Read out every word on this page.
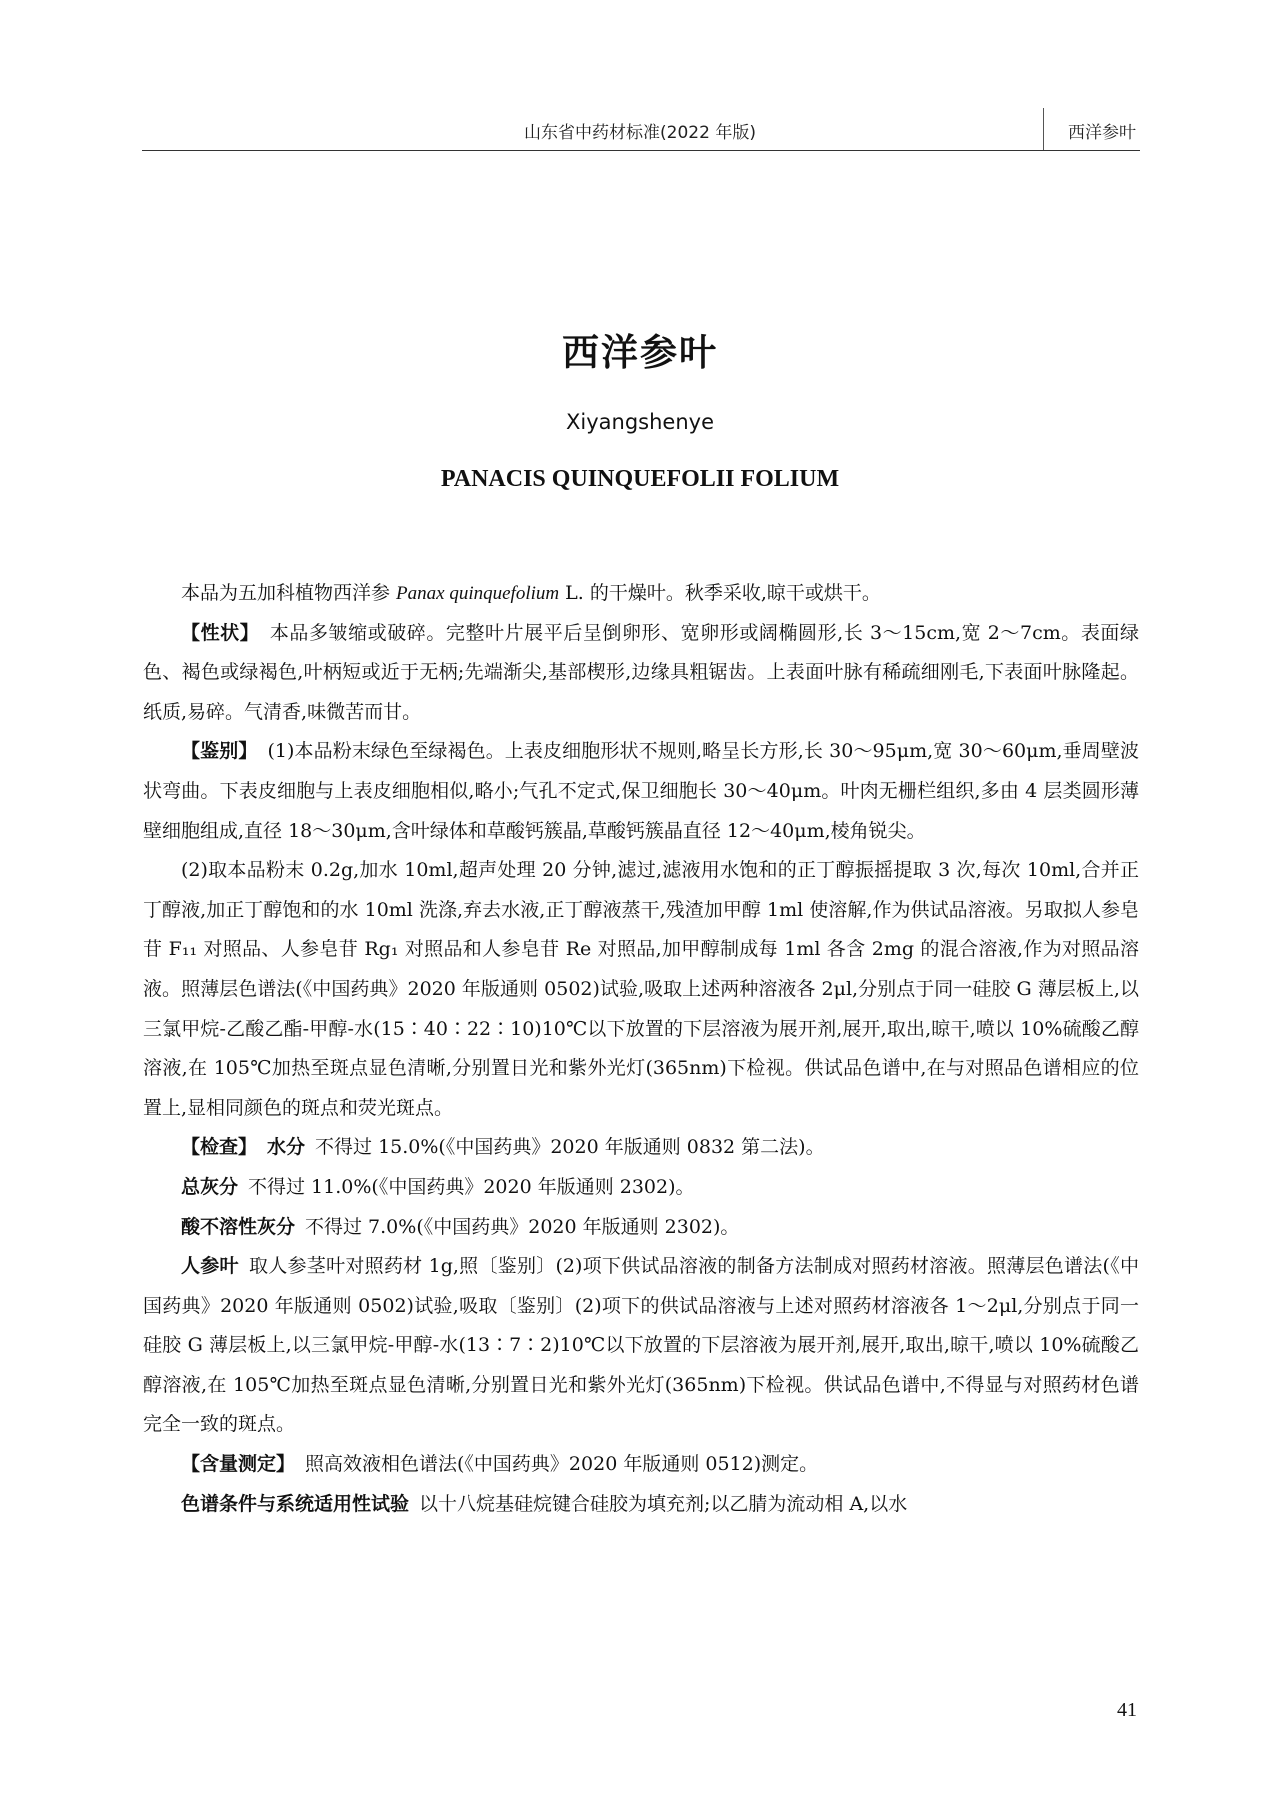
山东省中药材标准(2022 年版)	西洋参叶
西洋参叶
Xiyangshenye
PANACIS QUINQUEFOLII FOLIUM

本品为五加科植物西洋参 Panax quinquefolium L. 的干燥叶。秋季采收,晾干或烘干。

【性状】 本品多皱缩或破碎。完整叶片展平后呈倒卵形、宽卵形或阔椭圆形,长 3～15cm,宽 2～7cm。表面绿色、褐色或绿褐色,叶柄短或近于无柄;先端渐尖,基部楔形,边缘具粗锯齿。上表面叶脉有稀疏细刚毛,下表面叶脉隆起。纸质,易碎。气清香,味微苦而甘。

【鉴别】 (1)本品粉末绿色至绿褐色。上表皮细胞形状不规则,略呈长方形,长 30～95μm,宽 30～60μm,垂周壁波状弯曲。下表皮细胞与上表皮细胞相似,略小;气孔不定式,保卫细胞长 30～40μm。叶肉无栅栏组织,多由 4 层类圆形薄壁细胞组成,直径 18～30μm,含叶绿体和草酸钙簇晶,草酸钙簇晶直径 12～40μm,棱角锐尖。

(2)取本品粉末 0.2g,加水 10ml,超声处理 20 分钟,滤过,滤液用水饱和的正丁醇振摇提取 3 次,每次 10ml,合并正丁醇液,加正丁醇饱和的水 10ml 洗涤,弃去水液,正丁醇液蒸干,残渣加甲醇 1ml 使溶解,作为供试品溶液。另取拟人参皂苷 F₁₁ 对照品、人参皂苷 Rg₁ 对照品和人参皂苷 Re 对照品,加甲醇制成每 1ml 各含 2mg 的混合溶液,作为对照品溶液。照薄层色谱法(《中国药典》2020 年版通则 0502)试验,吸取上述两种溶液各 2μl,分别点于同一硅胶 G 薄层板上,以三氯甲烷-乙酸乙酯-甲醇-水(15∶40∶22∶10)10℃以下放置的下层溶液为展开剂,展开,取出,晾干,喷以 10%硫酸乙醇溶液,在 105℃加热至斑点显色清晰,分别置日光和紫外光灯(365nm)下检视。供试品色谱中,在与对照品色谱相应的位置上,显相同颜色的斑点和荧光斑点。

【检查】 水分 不得过 15.0%(《中国药典》2020 年版通则 0832 第二法)。

总灰分 不得过 11.0%(《中国药典》2020 年版通则 2302)。

酸不溶性灰分 不得过 7.0%(《中国药典》2020 年版通则 2302)。

人参叶 取人参茎叶对照药材 1g,照〔鉴别〕(2)项下供试品溶液的制备方法制成对照药材溶液。照薄层色谱法(《中国药典》2020 年版通则 0502)试验,吸取〔鉴别〕(2)项下的供试品溶液与上述对照药材溶液各 1～2μl,分别点于同一硅胶 G 薄层板上,以三氯甲烷-甲醇-水(13∶7∶2)10℃以下放置的下层溶液为展开剂,展开,取出,晾干,喷以 10%硫酸乙醇溶液,在 105℃加热至斑点显色清晰,分别置日光和紫外光灯(365nm)下检视。供试品色谱中,不得显与对照药材色谱完全一致的斑点。

【含量测定】 照高效液相色谱法(《中国药典》2020 年版通则 0512)测定。

色谱条件与系统适用性试验 以十八烷基硅烷键合硅胶为填充剂;以乙腈为流动相 A,以水

41
